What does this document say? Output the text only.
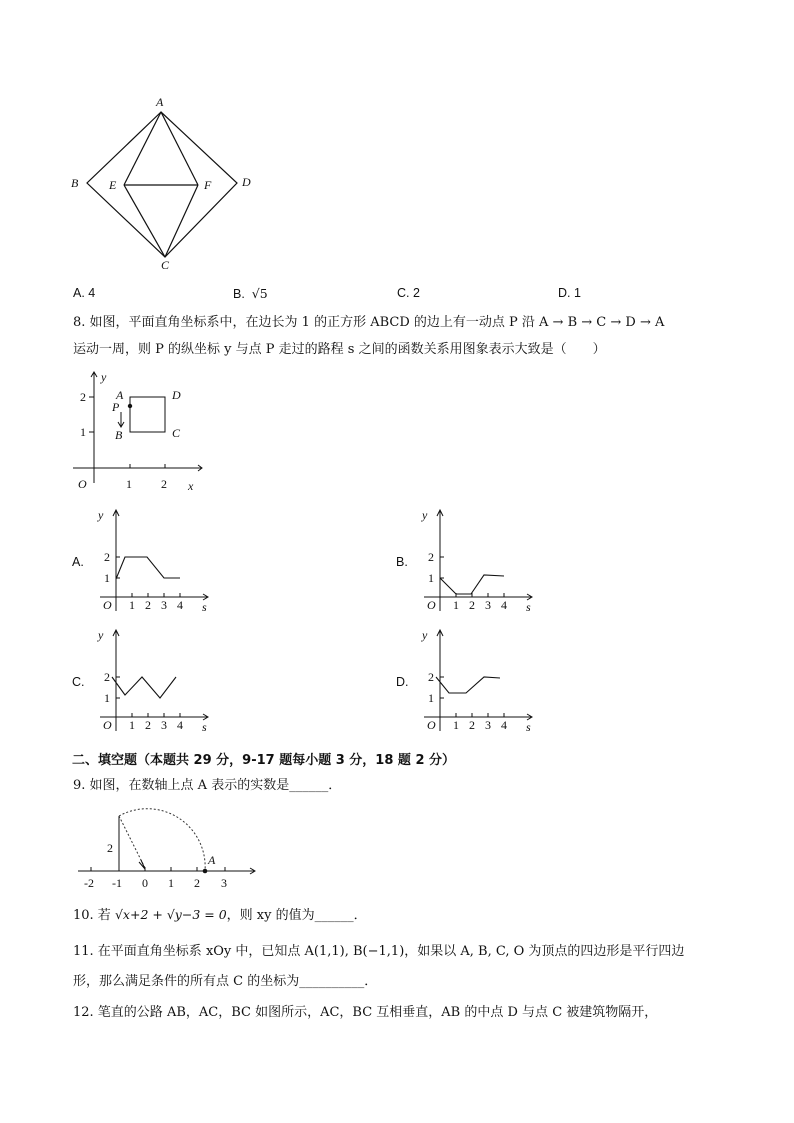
A
B	E	F	D
C
A. 4	B. √5	C. 2	D. 1
8. 如图，平面直角坐标系中，在边长为 1 的正方形 ABCD 的边上有一动点 P 沿 A → B → C → D → A
运动一周，则 P 的纵坐标 y 与点 P 走过的路程 s 之间的函数关系用图象表示大致是（　　）
y
2
1
A
P
B
D
C
O	1 2 x
A.	B.
C.	D.
1
2
1 2 3 4
O	s
y
1
2
1 2 3 4
O	s
y
1
2
1 2 3 4
O	s
y
1
2
1 2 3 4
O	s
y
二、填空题（本题共 29 分，9-17 题每小题 3 分，18 题 2 分）
9. 如图，在数轴上点 A 表示的实数是______．
2
A
-2 -1 0 1 2 3
10. 若 √x+2 + √y−3 = 0，则 xy 的值为______．
11. 在平面直角坐标系 xOy 中，已知点 A(1,1), B(−1,1)，如果以 A, B, C, O 为顶点的四边形是平行四边
形，那么满足条件的所有点 C 的坐标为__________．
12. 笔直的公路 AB，AC，BC 如图所示，AC，BC 互相垂直，AB 的中点 D 与点 C 被建筑物隔开，
